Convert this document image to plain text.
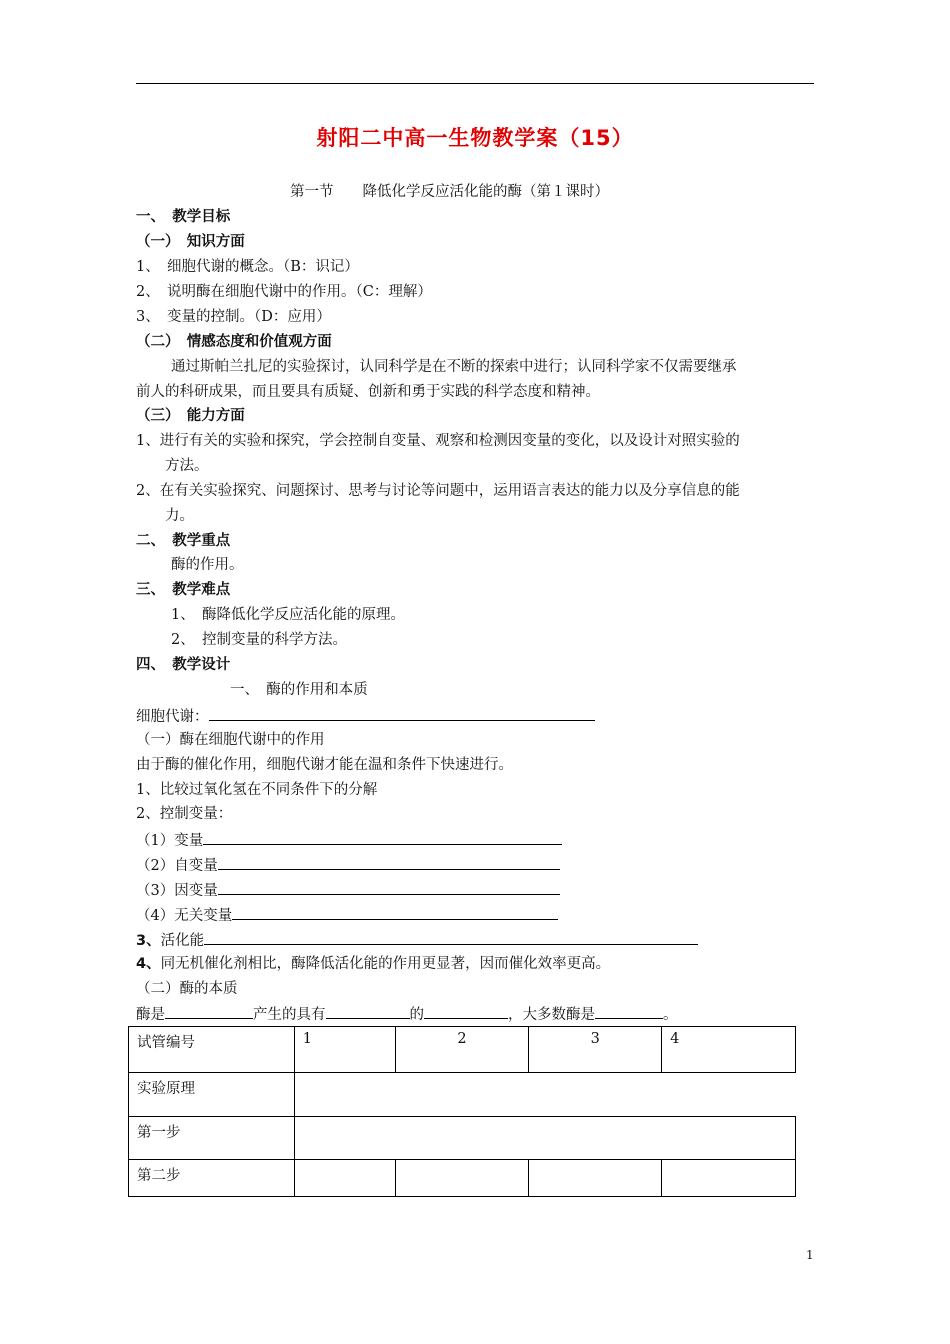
射阳二中高一生物教学案（15）
第一节　　 降低化学反应活化能的酶（第１课时）
一、　教学目标
（一）　知识方面
1、　细胞代谢的概念。（B：识记）
2、　说明酶在细胞代谢中的作用。（C：理解）
3、　变量的控制。（D：应用）
（二）　情感态度和价值观方面
通过斯帕兰扎尼的实验探讨，认同科学是在不断的探索中进行；认同科学家不仅需要继承
前人的科研成果，而且要具有质疑、创新和勇于实践的科学态度和精神。
（三）　能力方面
1、进行有关的实验和探究，学会控制自变量、观察和检测因变量的变化，以及设计对照实验的
方法。
2、在有关实验探究、问题探讨、思考与讨论等问题中，运用语言表达的能力以及分享信息的能
力。
二、　教学重点
酶的作用。
三、　教学难点
1、　酶降低化学反应活化能的原理。
2、　控制变量的科学方法。
四、　教学设计
一、　酶的作用和本质
细胞代谢：
（一）酶在细胞代谢中的作用
由于酶的催化作用，细胞代谢才能在温和条件下快速进行。
1、比较过氧化氢在不同条件下的分解
2、控制变量：
（1）变量
（2）自变量
（3）因变量
（4）无关变量
3、活化能
4、同无机催化剂相比，酶降低活化能的作用更显著，因而催化效率更高。
（二）酶的本质
酶是	产生的具有	的	，大多数酶是	。
试管编号	1	2	3	4
实验原理				
第一步				
第二步				
1
